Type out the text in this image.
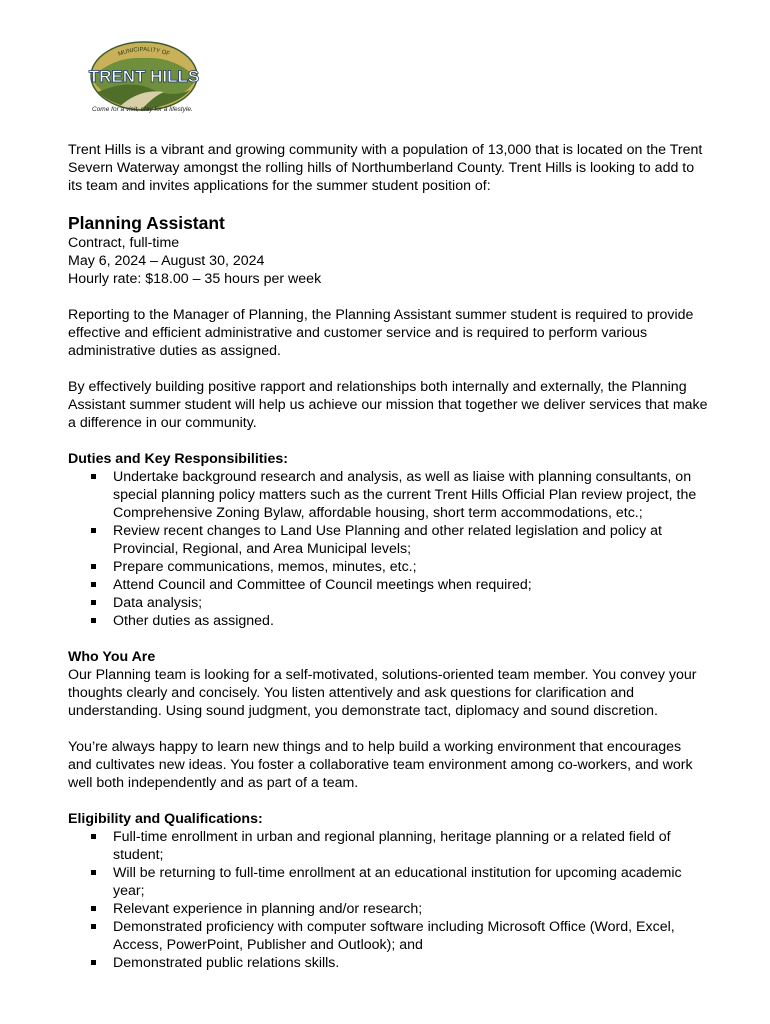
MUNICIPALITY OF
TRENT HILLS
Come for a visit, stay for a lifestyle.

Trent Hills is a vibrant and growing community with a population of 13,000 that is located on the Trent Severn Waterway amongst the rolling hills of Northumberland County. Trent Hills is looking to add to its team and invites applications for the summer student position of:

Planning Assistant

Contract, full-time

May 6, 2024 – August 30, 2024

Hourly rate: $18.00 – 35 hours per week

Reporting to the Manager of Planning, the Planning Assistant summer student is required to provide effective and efficient administrative and customer service and is required to perform various administrative duties as assigned.

By effectively building positive rapport and relationships both internally and externally, the Planning Assistant summer student will help us achieve our mission that together we deliver services that make a difference in our community.

Duties and Key Responsibilities:

Undertake background research and analysis, as well as liaise with planning consultants, on special planning policy matters such as the current Trent Hills Official Plan review project, the Comprehensive Zoning Bylaw, affordable housing, short term accommodations, etc.;
Review recent changes to Land Use Planning and other related legislation and policy at Provincial, Regional, and Area Municipal levels;
Prepare communications, memos, minutes, etc.;
Attend Council and Committee of Council meetings when required;
Data analysis;
Other duties as assigned.

Who You Are

Our Planning team is looking for a self-motivated, solutions-oriented team member. You convey your thoughts clearly and concisely. You listen attentively and ask questions for clarification and understanding. Using sound judgment, you demonstrate tact, diplomacy and sound discretion.

You’re always happy to learn new things and to help build a working environment that encourages and cultivates new ideas. You foster a collaborative team environment among co-workers, and work well both independently and as part of a team.

Eligibility and Qualifications:

Full-time enrollment in urban and regional planning, heritage planning or a related field of student;
Will be returning to full-time enrollment at an educational institution for upcoming academic year;
Relevant experience in planning and/or research;
Demonstrated proficiency with computer software including Microsoft Office (Word, Excel, Access, PowerPoint, Publisher and Outlook); and
Demonstrated public relations skills.
